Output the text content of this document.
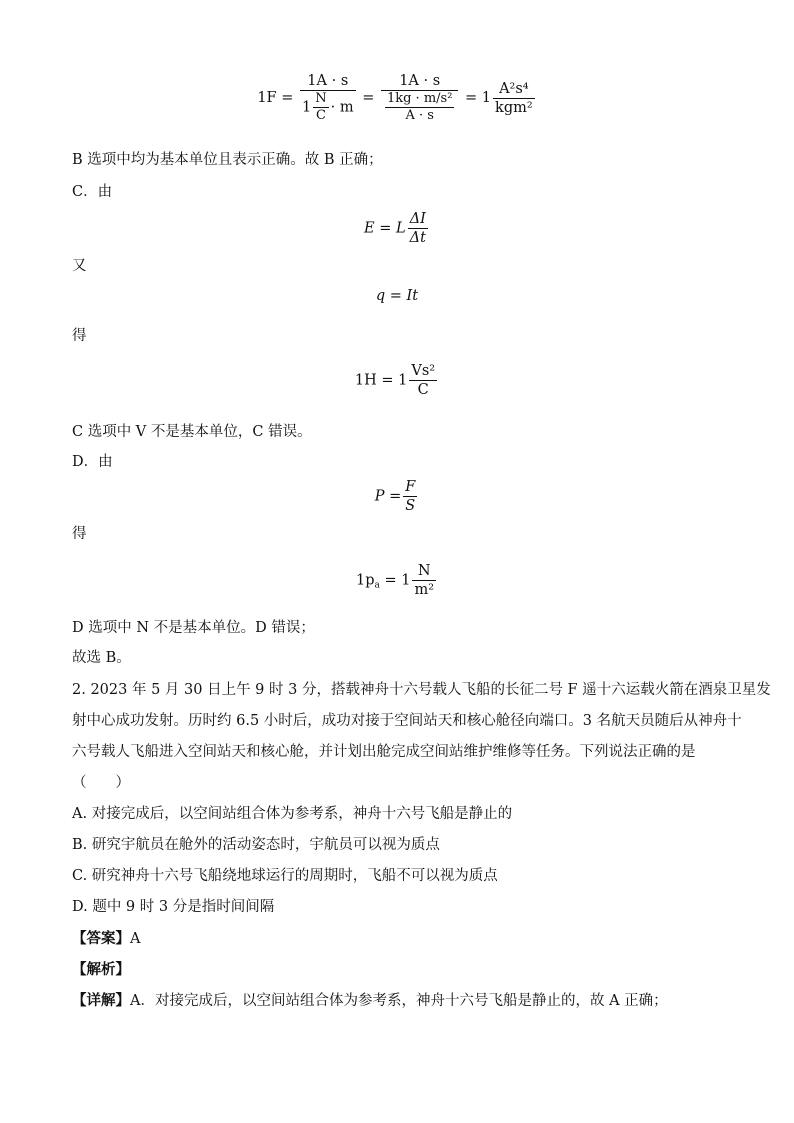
$1F = \frac{1A \cdot s}{1 \frac{N}{C} \cdot m} = \frac{1A \cdot s}{\frac{\text{1kg · m/s²}}{A \cdot s}} = 1 \frac{\text{A²s⁴}}{\text{kgm²}}$
B 选项中均为基本单位且表示正确。故 B 正确；
C．由
E = L $\frac{\Delta I}{\Delta t}$
又
q = It
得
$1H = 1 \frac{\text{Vs²}}{C}$
C 选项中 V 不是基本单位，C 错误。
D．由
$P = \frac{F}{S}$
得
$1p_a = 1 \frac{N}{\text{m²}}$
D 选项中 N 不是基本单位。D 错误；
故选 B。
2. 2023 年 5 月 30 日上午 9 时 3 分，搭载神舟十六号载人飞船的长征二号 F 遥十六运载火箭在酒泉卫星发
射中心成功发射。历时约 6.5 小时后，成功对接于空间站天和核心舱径向端口。3 名航天员随后从神舟十
六号载人飞船进入空间站天和核心舱，并计划出舱完成空间站维护维修等任务。下列说法正确的是
（　　）
A. 对接完成后，以空间站组合体为参考系，神舟十六号飞船是静止的
B. 研究宇航员在舱外的活动姿态时，宇航员可以视为质点
C. 研究神舟十六号飞船绕地球运行的周期时，飞船不可以视为质点
D. 题中 9 时 3 分是指时间间隔
【答案】A
【解析】
【详解】A．对接完成后，以空间站组合体为参考系，神舟十六号飞船是静止的，故 A 正确；
